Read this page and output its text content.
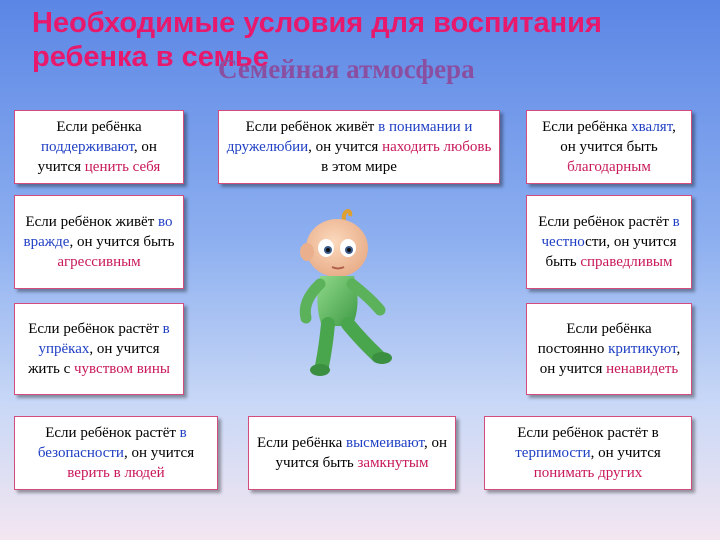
Необходимые условия для воспитания ребенка в семье
Семейная атмосфера

Если ребёнка поддерживают, он учится ценить себя

Если ребёнок живёт в понимании и дружелюбии, он учится находить любовь в этом мире

Если ребёнка хвалят, он учится быть благодарным

Если ребёнок живёт во вражде, он учится быть агрессивным

Если ребёнок растёт в честности, он учится быть справедливым

Если ребёнок растёт в упрёках, он учится жить с чувством вины

Если ребёнка постоянно критикуют, он учится ненавидеть

Если ребёнок растёт в безопасности, он учится верить в людей

Если ребёнка высмеивают, он учится быть замкнутым

Если ребёнок растёт в терпимости, он учится понимать других
